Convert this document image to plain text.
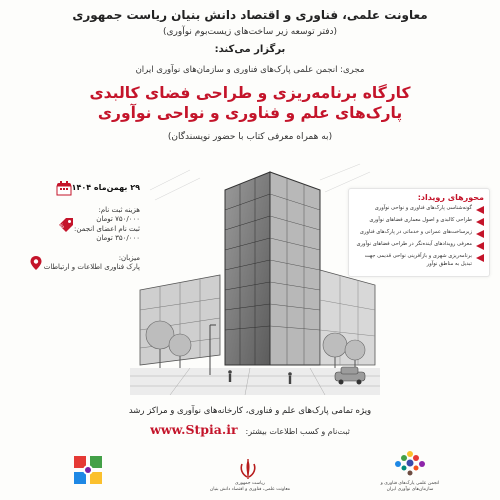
معاونت علمی، فناوری و اقتصاد دانش بنیان ریاست جمهوری
(دفتر توسعه زیر ساخت‌های زیست‌بوم نوآوری)
برگزار می‌کند:
مجری: انجمن علمی پارک‌های فناوری و سازمان‌های نوآوری ایران
کارگاه برنامه‌ریزی و طراحی فضای کالبدی
پارک‌های علم و فناوری و نواحی نوآوری
(به همراه معرفی کتاب با حضور نویسندگان)
۲۹ بهمن‌ماه ۱۴۰۴
%
هزینه ثبت نام:
۷۵۰/۰۰۰ تومان
ثبت نام اعضای انجمن:
۳۵۰/۰۰۰ تومان
میزبان:
پارک فناوری اطلاعات و ارتباطات
محورهای رویداد:
گونه‌شناسی پارک‌های فناوری و نواحی نوآوری
طراحی کالبدی و اصول معماری فضاهای نوآوری
زیرساخت‌های عمرانی و خدماتی در پارک‌های فناوری
معرفی رویدادهای آینده‌نگر در طراحی فضاهای نوآوری
برنامه‌ریزی شهری و بازآفرینی نواحی قدیمی جهت تبدیل به مناطق نوآور
ویژه تمامی پارک‌های علم و فناوری، کارخانه‌های نوآوری و مراکز رشد
ثبت‌نام و کسب اطلاعات بیشتر:
www.Stpia.ir
ریاست جمهوری
معاونت علمی، فناوری و اقتصاد دانش بنیان
انجمن علمی پارک‌های فناوری و
سازمان‌های نوآوری ایران
